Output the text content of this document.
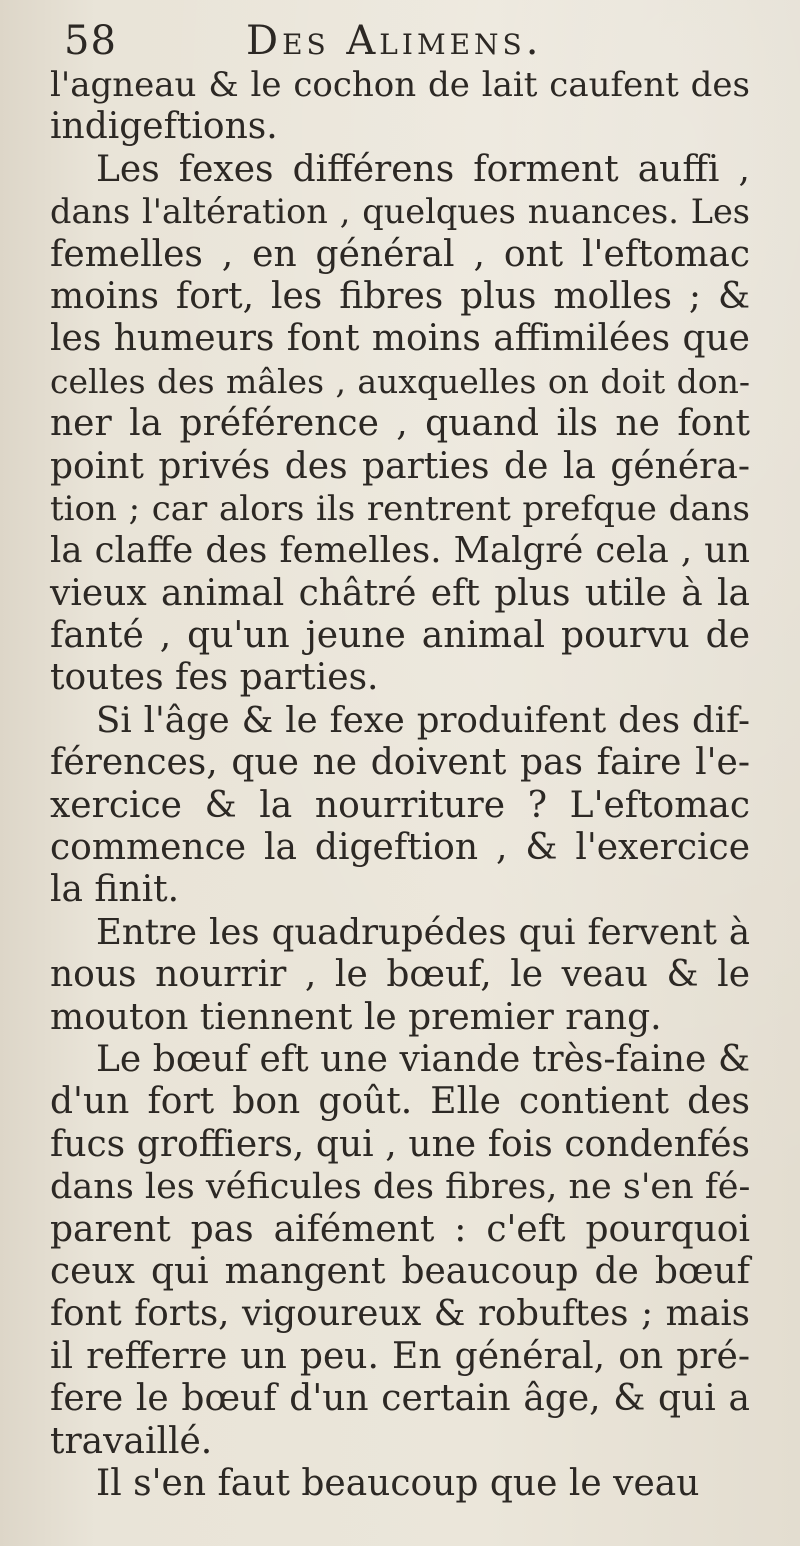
58	Des Alimens.
l'agneau & le cochon de lait caufent des
indigeftions.
Les fexes différens forment auffi ,
dans l'altération , quelques nuances. Les
femelles , en général , ont l'eftomac
moins fort, les fibres plus molles ; &
les humeurs font moins affimilées que
celles des mâles , auxquelles on doit don-
ner la préférence , quand ils ne font
point privés des parties de la généra-
tion ; car alors ils rentrent prefque dans
la claffe des femelles. Malgré cela , un
vieux animal châtré eft plus utile à la
fanté , qu'un jeune animal pourvu de
toutes fes parties.
Si l'âge & le fexe produifent des dif-
férences, que ne doivent pas faire l'e-
xercice & la nourriture ? L'eftomac
commence la digeftion , & l'exercice
la finit.
Entre les quadrupédes qui fervent à
nous nourrir , le bœuf, le veau & le
mouton tiennent le premier rang.
Le bœuf eft une viande très-faine &
d'un fort bon goût. Elle contient des
fucs groffiers, qui , une fois condenfés
dans les véficules des fibres, ne s'en fé-
parent pas aifément : c'eft pourquoi
ceux qui mangent beaucoup de bœuf
font forts, vigoureux & robuftes ; mais
il refferre un peu. En général, on pré-
fere le bœuf d'un certain âge, & qui a
travaillé.
Il s'en faut beaucoup que le veau
